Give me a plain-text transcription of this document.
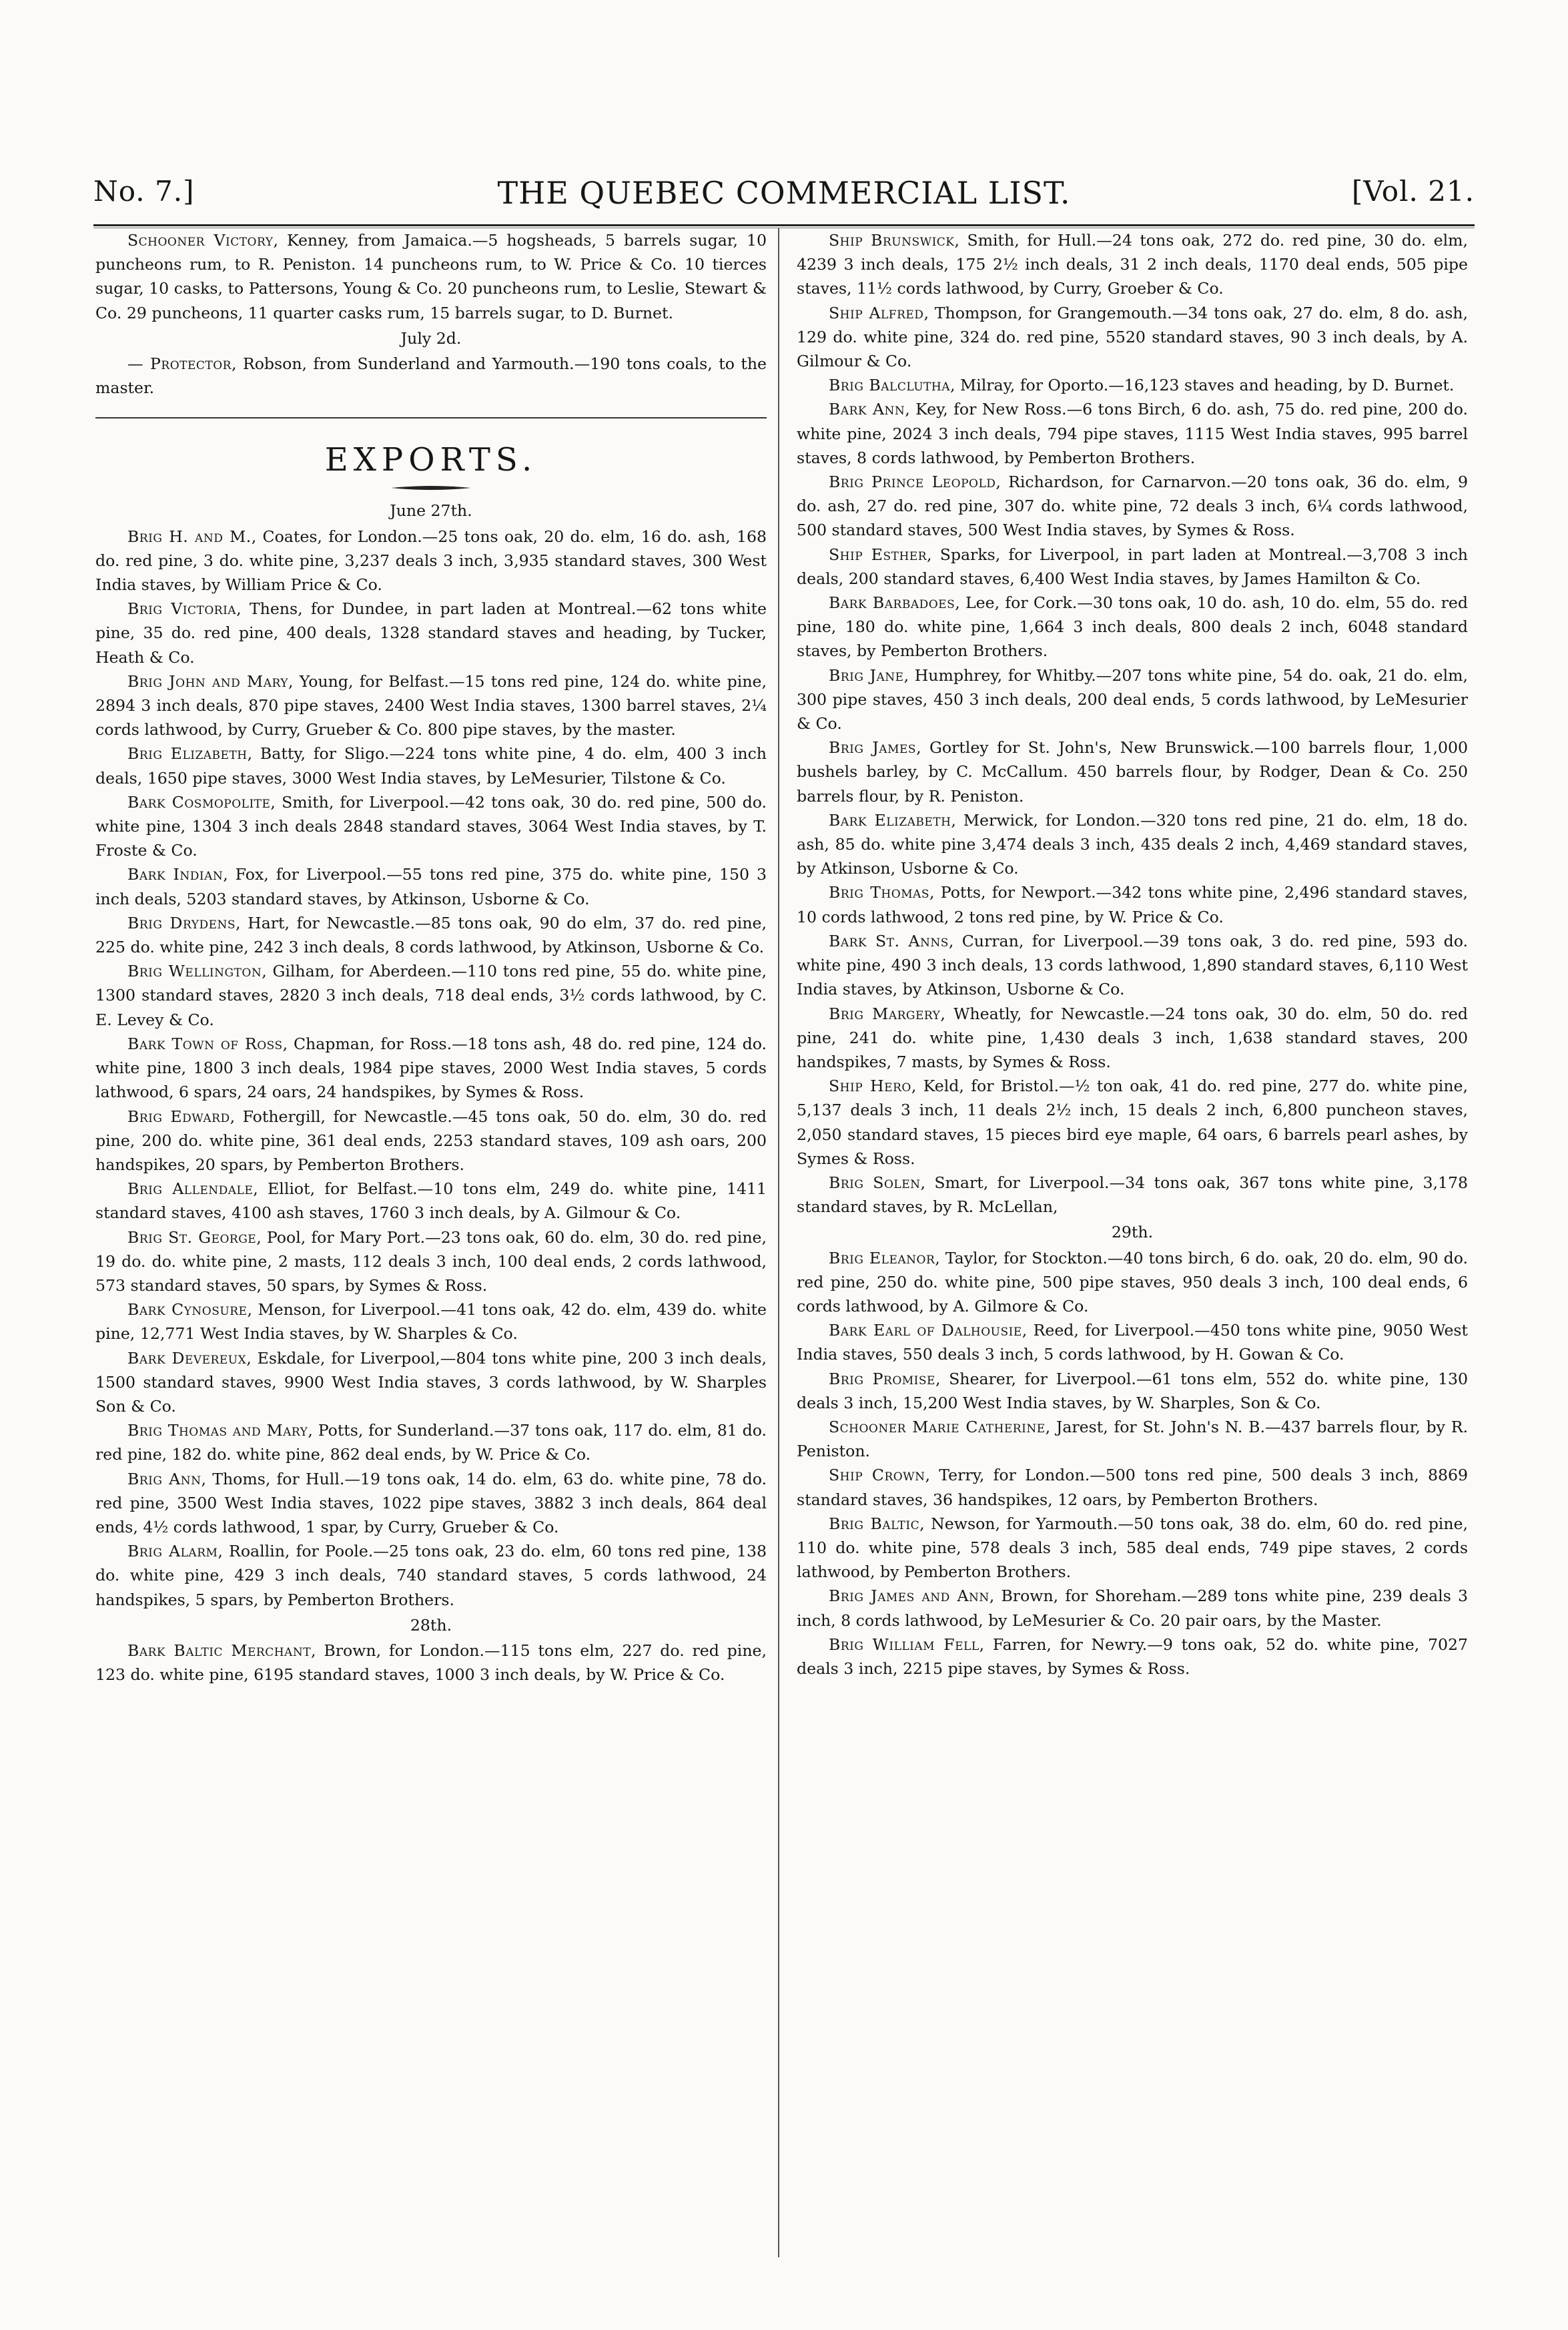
No. 7.]	THE QUEBEC COMMERCIAL LIST.	[Vol. 21.

Schooner Victory, Kenney, from Jamaica.—5 hogsheads, 5 barrels sugar, 10 puncheons rum, to R. Peniston. 14 puncheons rum, to W. Price & Co. 10 tierces sugar, 10 casks, to Pattersons, Young & Co. 20 puncheons rum, to Leslie, Stewart & Co. 29 puncheons, 11 quarter casks rum, 15 barrels sugar, to D. Burnet.

July 2d.

— Protector, Robson, from Sunderland and Yarmouth.—190 tons coals, to the master.

EXPORTS.

June 27th.

Brig H. and M., Coates, for London.—25 tons oak, 20 do. elm, 16 do. ash, 168 do. red pine, 3 do. white pine, 3,237 deals 3 inch, 3,935 standard staves, 300 West India staves, by William Price & Co.

Brig Victoria, Thens, for Dundee, in part laden at Montreal.—62 tons white pine, 35 do. red pine, 400 deals, 1328 standard staves and heading, by Tucker, Heath & Co.

Brig John and Mary, Young, for Belfast.—15 tons red pine, 124 do. white pine, 2894 3 inch deals, 870 pipe staves, 2400 West India staves, 1300 barrel staves, 2¼ cords lathwood, by Curry, Grueber & Co. 800 pipe staves, by the master.

Brig Elizabeth, Batty, for Sligo.—224 tons white pine, 4 do. elm, 400 3 inch deals, 1650 pipe staves, 3000 West India staves, by LeMesurier, Tilstone & Co.

Bark Cosmopolite, Smith, for Liverpool.—42 tons oak, 30 do. red pine, 500 do. white pine, 1304 3 inch deals 2848 standard staves, 3064 West India staves, by T. Froste & Co.

Bark Indian, Fox, for Liverpool.—55 tons red pine, 375 do. white pine, 150 3 inch deals, 5203 standard staves, by Atkinson, Usborne & Co.

Brig Drydens, Hart, for Newcastle.—85 tons oak, 90 do elm, 37 do. red pine, 225 do. white pine, 242 3 inch deals, 8 cords lathwood, by Atkinson, Usborne & Co.

Brig Wellington, Gilham, for Aberdeen.—110 tons red pine, 55 do. white pine, 1300 standard staves, 2820 3 inch deals, 718 deal ends, 3½ cords lathwood, by C. E. Levey & Co.

Bark Town of Ross, Chapman, for Ross.—18 tons ash, 48 do. red pine, 124 do. white pine, 1800 3 inch deals, 1984 pipe staves, 2000 West India staves, 5 cords lathwood, 6 spars, 24 oars, 24 handspikes, by Symes & Ross.

Brig Edward, Fothergill, for Newcastle.—45 tons oak, 50 do. elm, 30 do. red pine, 200 do. white pine, 361 deal ends, 2253 standard staves, 109 ash oars, 200 handspikes, 20 spars, by Pemberton Brothers.

Brig Allendale, Elliot, for Belfast.—10 tons elm, 249 do. white pine, 1411 standard staves, 4100 ash staves, 1760 3 inch deals, by A. Gilmour & Co.

Brig St. George, Pool, for Mary Port.—23 tons oak, 60 do. elm, 30 do. red pine, 19 do. do. white pine, 2 masts, 112 deals 3 inch, 100 deal ends, 2 cords lathwood, 573 standard staves, 50 spars, by Symes & Ross.

Bark Cynosure, Menson, for Liverpool.—41 tons oak, 42 do. elm, 439 do. white pine, 12,771 West India staves, by W. Sharples & Co.

Bark Devereux, Eskdale, for Liverpool,—804 tons white pine, 200 3 inch deals, 1500 standard staves, 9900 West India staves, 3 cords lathwood, by W. Sharples Son & Co.

Brig Thomas and Mary, Potts, for Sunderland.—37 tons oak, 117 do. elm, 81 do. red pine, 182 do. white pine, 862 deal ends, by W. Price & Co.

Brig Ann, Thoms, for Hull.—19 tons oak, 14 do. elm, 63 do. white pine, 78 do. red pine, 3500 West India staves, 1022 pipe staves, 3882 3 inch deals, 864 deal ends, 4½ cords lathwood, 1 spar, by Curry, Grueber & Co.

Brig Alarm, Roallin, for Poole.—25 tons oak, 23 do. elm, 60 tons red pine, 138 do. white pine, 429 3 inch deals, 740 standard staves, 5 cords lathwood, 24 handspikes, 5 spars, by Pemberton Brothers.

28th.

Bark Baltic Merchant, Brown, for London.—115 tons elm, 227 do. red pine, 123 do. white pine, 6195 standard staves, 1000 3 inch deals, by W. Price & Co.

Ship Brunswick, Smith, for Hull.—24 tons oak, 272 do. red pine, 30 do. elm, 4239 3 inch deals, 175 2½ inch deals, 31 2 inch deals, 1170 deal ends, 505 pipe staves, 11½ cords lathwood, by Curry, Groeber & Co.

Ship Alfred, Thompson, for Grangemouth.—34 tons oak, 27 do. elm, 8 do. ash, 129 do. white pine, 324 do. red pine, 5520 standard staves, 90 3 inch deals, by A. Gilmour & Co.

Brig Balclutha, Milray, for Oporto.—16,123 staves and heading, by D. Burnet.

Bark Ann, Key, for New Ross.—6 tons Birch, 6 do. ash, 75 do. red pine, 200 do. white pine, 2024 3 inch deals, 794 pipe staves, 1115 West India staves, 995 barrel staves, 8 cords lathwood, by Pemberton Brothers.

Brig Prince Leopold, Richardson, for Carnarvon.—20 tons oak, 36 do. elm, 9 do. ash, 27 do. red pine, 307 do. white pine, 72 deals 3 inch, 6¼ cords lathwood, 500 standard staves, 500 West India staves, by Symes & Ross.

Ship Esther, Sparks, for Liverpool, in part laden at Montreal.—3,708 3 inch deals, 200 standard staves, 6,400 West India staves, by James Hamilton & Co.

Bark Barbadoes, Lee, for Cork.—30 tons oak, 10 do. ash, 10 do. elm, 55 do. red pine, 180 do. white pine, 1,664 3 inch deals, 800 deals 2 inch, 6048 standard staves, by Pemberton Brothers.

Brig Jane, Humphrey, for Whitby.—207 tons white pine, 54 do. oak, 21 do. elm, 300 pipe staves, 450 3 inch deals, 200 deal ends, 5 cords lathwood, by LeMesurier & Co.

Brig James, Gortley for St. John's, New Brunswick.—100 barrels flour, 1,000 bushels barley, by C. McCallum. 450 barrels flour, by Rodger, Dean & Co. 250 barrels flour, by R. Peniston.

Bark Elizabeth, Merwick, for London.—320 tons red pine, 21 do. elm, 18 do. ash, 85 do. white pine 3,474 deals 3 inch, 435 deals 2 inch, 4,469 standard staves, by Atkinson, Usborne & Co.

Brig Thomas, Potts, for Newport.—342 tons white pine, 2,496 standard staves, 10 cords lathwood, 2 tons red pine, by W. Price & Co.

Bark St. Anns, Curran, for Liverpool.—39 tons oak, 3 do. red pine, 593 do. white pine, 490 3 inch deals, 13 cords lathwood, 1,890 standard staves, 6,110 West India staves, by Atkinson, Usborne & Co.

Brig Margery, Wheatly, for Newcastle.—24 tons oak, 30 do. elm, 50 do. red pine, 241 do. white pine, 1,430 deals 3 inch, 1,638 standard staves, 200 handspikes, 7 masts, by Symes & Ross.

Ship Hero, Keld, for Bristol.—½ ton oak, 41 do. red pine, 277 do. white pine, 5,137 deals 3 inch, 11 deals 2½ inch, 15 deals 2 inch, 6,800 puncheon staves, 2,050 standard staves, 15 pieces bird eye maple, 64 oars, 6 barrels pearl ashes, by Symes & Ross.

Brig Solen, Smart, for Liverpool.—34 tons oak, 367 tons white pine, 3,178 standard staves, by R. McLellan,

29th.

Brig Eleanor, Taylor, for Stockton.—40 tons birch, 6 do. oak, 20 do. elm, 90 do. red pine, 250 do. white pine, 500 pipe staves, 950 deals 3 inch, 100 deal ends, 6 cords lathwood, by A. Gilmore & Co.

Bark Earl of Dalhousie, Reed, for Liverpool.—450 tons white pine, 9050 West India staves, 550 deals 3 inch, 5 cords lathwood, by H. Gowan & Co.

Brig Promise, Shearer, for Liverpool.—61 tons elm, 552 do. white pine, 130 deals 3 inch, 15,200 West India staves, by W. Sharples, Son & Co.

Schooner Marie Catherine, Jarest, for St. John's N. B.—437 barrels flour, by R. Peniston.

Ship Crown, Terry, for London.—500 tons red pine, 500 deals 3 inch, 8869 standard staves, 36 handspikes, 12 oars, by Pemberton Brothers.

Brig Baltic, Newson, for Yarmouth.—50 tons oak, 38 do. elm, 60 do. red pine, 110 do. white pine, 578 deals 3 inch, 585 deal ends, 749 pipe staves, 2 cords lathwood, by Pemberton Brothers.

Brig James and Ann, Brown, for Shoreham.—289 tons white pine, 239 deals 3 inch, 8 cords lathwood, by LeMesurier & Co. 20 pair oars, by the Master.

Brig William Fell, Farren, for Newry.—9 tons oak, 52 do. white pine, 7027 deals 3 inch, 2215 pipe staves, by Symes & Ross.
